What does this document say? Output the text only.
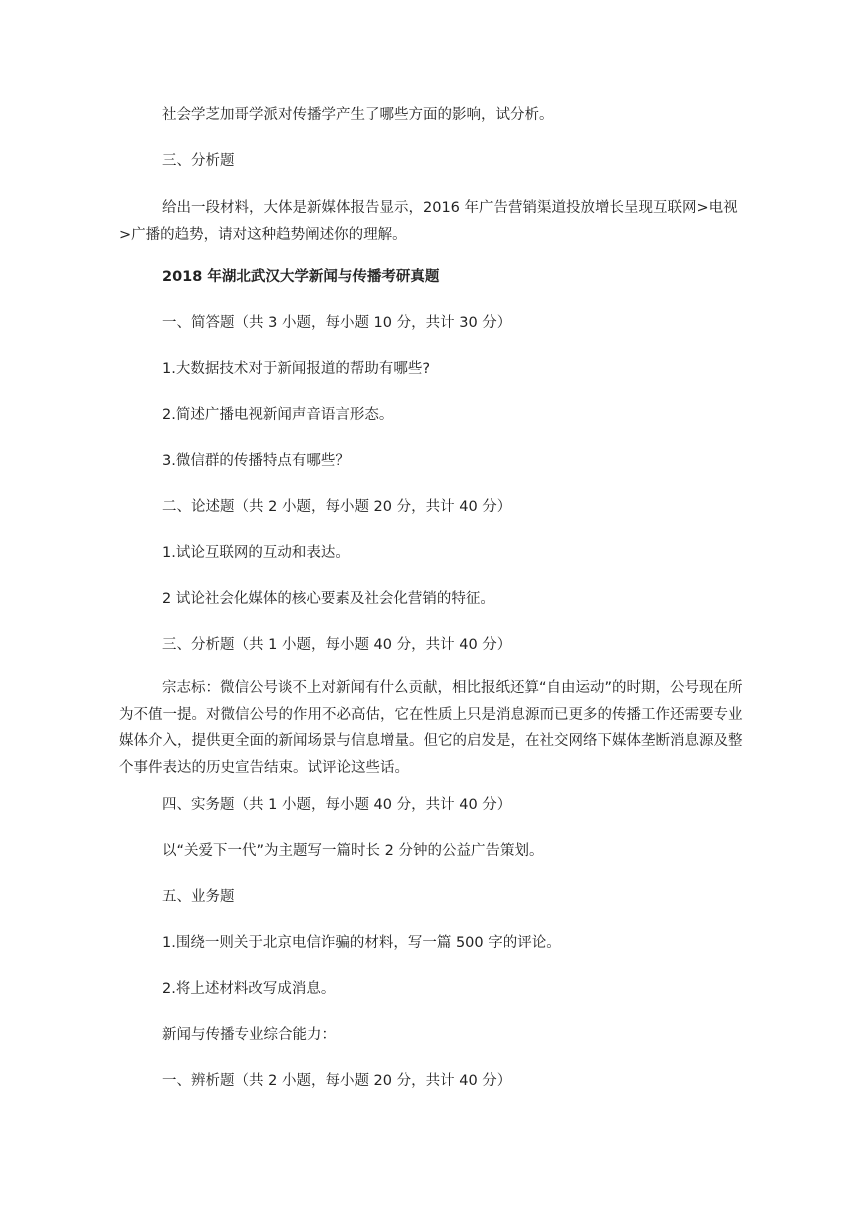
社会学芝加哥学派对传播学产生了哪些方面的影响，试分析。
三、分析题
给出一段材料，大体是新媒体报告显示，2016 年广告营销渠道投放增长呈现互联网>电视>广播的趋势，请对这种趋势阐述你的理解。
2018 年湖北武汉大学新闻与传播考研真题
一、简答题（共 3 小题，每小题 10 分，共计 30 分）
1.大数据技术对于新闻报道的帮助有哪些?
2.简述广播电视新闻声音语言形态。
3.微信群的传播特点有哪些？
二、论述题（共 2 小题，每小题 20 分，共计 40 分）
1.试论互联网的互动和表达。
2 试论社会化媒体的核心要素及社会化营销的特征。
三、分析题（共 1 小题，每小题 40 分，共计 40 分）
宗志标：微信公号谈不上对新闻有什么贡献，相比报纸还算“自由运动”的时期，公号现在所为不值一提。对微信公号的作用不必高估，它在性质上只是消息源而已更多的传播工作还需要专业媒体介入，提供更全面的新闻场景与信息增量。但它的启发是，在社交网络下媒体垄断消息源及整个事件表达的历史宣告结束。试评论这些话。
四、实务题（共 1 小题，每小题 40 分，共计 40 分）
以“关爱下一代”为主题写一篇时长 2 分钟的公益广告策划。
五、业务题
1.围绕一则关于北京电信诈骗的材料，写一篇 500 字的评论。
2.将上述材料改写成消息。
新闻与传播专业综合能力：
一、辨析题（共 2 小题，每小题 20 分，共计 40 分）
